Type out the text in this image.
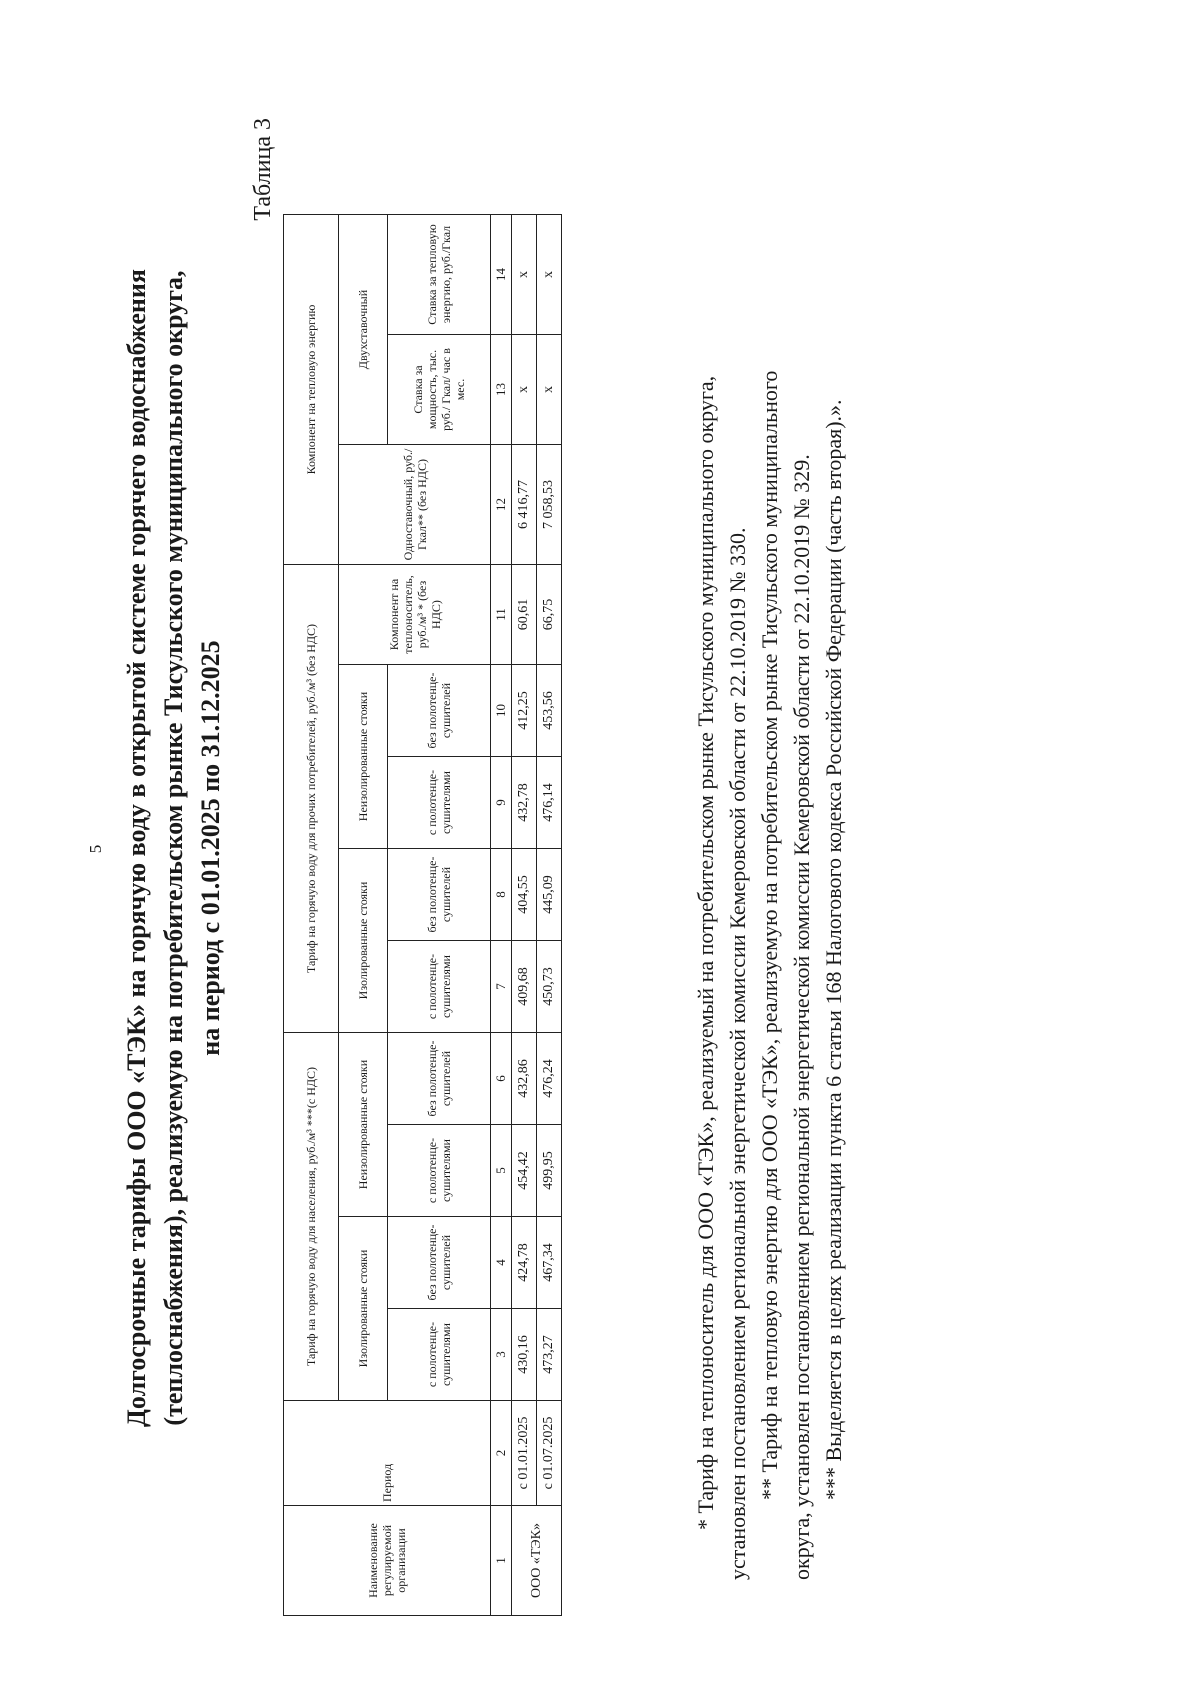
5 Долгосрочные тарифы ООО «ТЭК» на горячую воду в открытой системе горячего водоснабжения (теплоснабжения), реализуемую на потребительском рынке Тисульского муниципального округа, на период с 01.01.2025 по 31.12.2025
Таблица 3
Наименование регулируемой организации	Период	Тариф на горячую воду для населения, руб./м³ ***(с НДС)				Тариф на горячую воду для прочих потребителей, руб./м³ (без НДС)					Компонент на тепловую энергию		
		Изолированные стояки		Неизолированные стояки		Изолированные стояки		Неизолированные стояки		Компонент на теплоноситель, руб./м³ * (без НДС)	Одноставочный, руб./Гкал** (без НДС)	Двухставочный	
		с полотенце-сушителями	без полотенце-сушителей	с полотенце-сушителями	без полотенце-сушителей	с полотенце-сушителями	без полотенце-сушителей	с полотенце-сушителями	без полотенце-сушителей			Ставка за мощность, тыс. руб./ Гкал/ час в мес.	Ставка за тепловую энергию, руб./Гкал
1	2	3	4	5	6	7	8	9	10	11	12	13	14
ООО «ТЭК»	с 01.01.2025	430,16	424,78	454,42	432,86	409,68	404,55	432,78	412,25	60,61	6 416,77	x	x
	с 01.07.2025	473,27	467,34	499,95	476,24	450,73	445,09	476,14	453,56	66,75	7 058,53	x	x

* Тариф на теплоноситель для ООО «ТЭК», реализуемый на потребительском рынке Тисульского муниципального округа, установлен постановлением региональной энергетической комиссии Кемеровской области от 22.10.2019 № 330. ** Тариф на тепловую энергию для ООО «ТЭК», реализуемую на потребительском рынке Тисульского муниципального округа, установлен постановлением региональной энергетической комиссии Кемеровской области от 22.10.2019 № 329. *** Выделяется в целях реализации пункта 6 статьи 168 Налогового кодекса Российской Федерации (часть вторая).».
